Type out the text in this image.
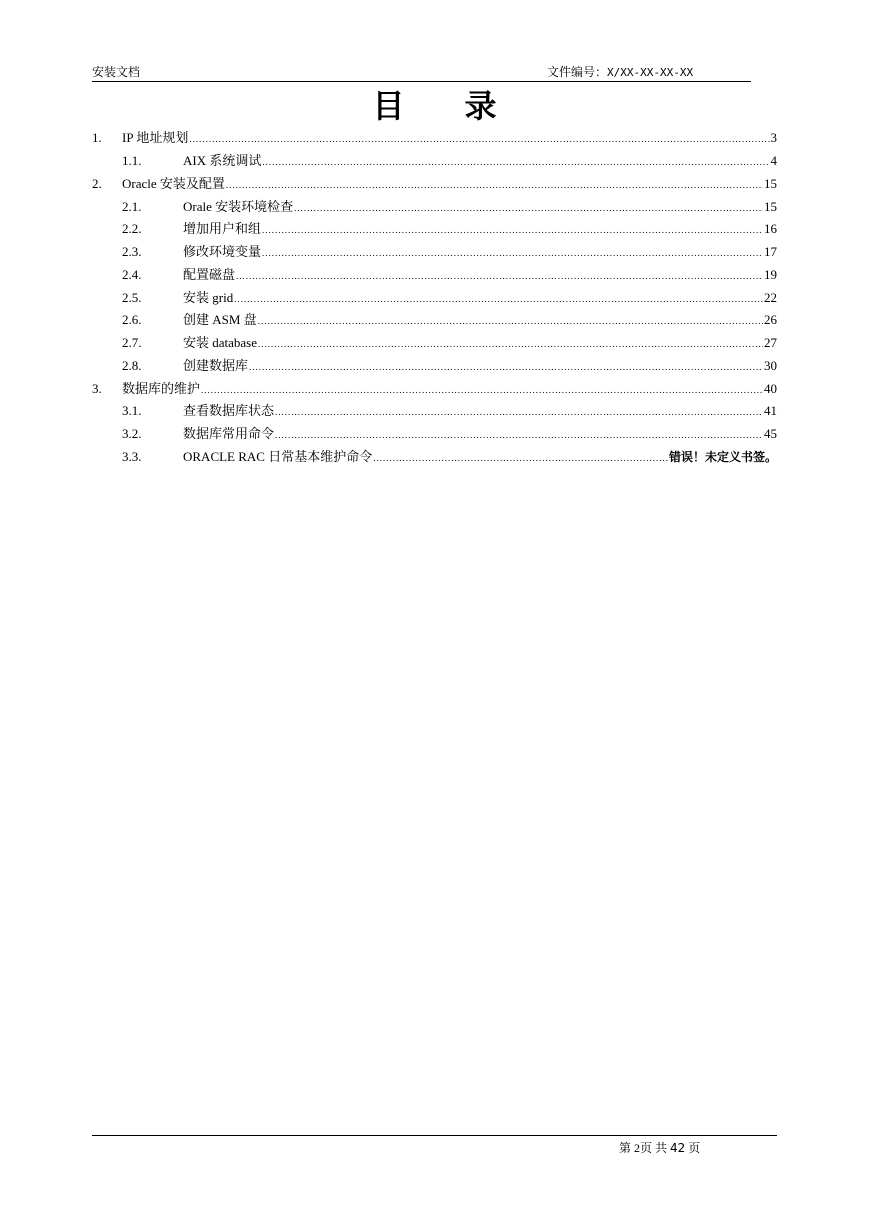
安装文档	文件编号：X/XX-XX-XX-XX
目 录
1.	IP 地址规划 .....	3
1.1.	AIX 系统调试 .....	4
2.	Oracle 安装及配置 .....	15
2.1.	Orale 安装环境检查 .....	15
2.2.	增加用户和组 .....	16
2.3.	修改环境变量 .....	17
2.4.	配置磁盘 .....	19
2.5.	安装 grid .....	22
2.6.	创建 ASM 盘 .....	26
2.7.	安装 database .....	27
2.8.	创建数据库 .....	30
3.	数据库的维护 .....	40
3.1.	查看数据库状态 .....	41
3.2.	数据库常用命令 .....	45
3.3.	ORACLE RAC 日常基本维护命令 .....	错误！未定义书签。
第 2页 共 42 页
